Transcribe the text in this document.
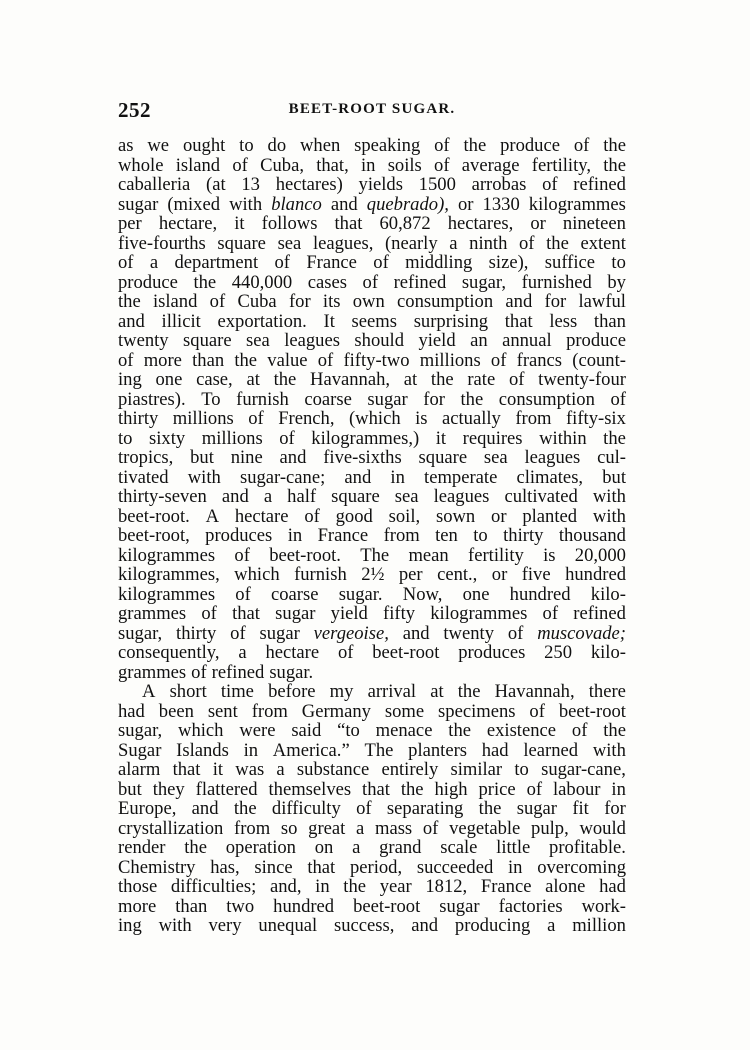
252	BEET-ROOT SUGAR.
as we ought to do when speaking of the produce of the
whole island of Cuba, that, in soils of average fertility, the
caballeria (at 13 hectares) yields 1500 arrobas of refined
sugar (mixed with blanco and quebrado), or 1330 kilogrammes
per hectare, it follows that 60,872 hectares, or nineteen
five-fourths square sea leagues, (nearly a ninth of the extent
of a department of France of middling size), suffice to
produce the 440,000 cases of refined sugar, furnished by
the island of Cuba for its own consumption and for lawful
and illicit exportation. It seems surprising that less than
twenty square sea leagues should yield an annual produce
of more than the value of fifty-two millions of francs (count-
ing one case, at the Havannah, at the rate of twenty-four
piastres). To furnish coarse sugar for the consumption of
thirty millions of French, (which is actually from fifty-six
to sixty millions of kilogrammes,) it requires within the
tropics, but nine and five-sixths square sea leagues cul-
tivated with sugar-cane; and in temperate climates, but
thirty-seven and a half square sea leagues cultivated with
beet-root. A hectare of good soil, sown or planted with
beet-root, produces in France from ten to thirty thousand
kilogrammes of beet-root. The mean fertility is 20,000
kilogrammes, which furnish 2½ per cent., or five hundred
kilogrammes of coarse sugar. Now, one hundred kilo-
grammes of that sugar yield fifty kilogrammes of refined
sugar, thirty of sugar vergeoise, and twenty of muscovade;
consequently, a hectare of beet-root produces 250 kilo-
grammes of refined sugar.
A short time before my arrival at the Havannah, there
had been sent from Germany some specimens of beet-root
sugar, which were said “to menace the existence of the
Sugar Islands in America.” The planters had learned with
alarm that it was a substance entirely similar to sugar-cane,
but they flattered themselves that the high price of labour in
Europe, and the difficulty of separating the sugar fit for
crystallization from so great a mass of vegetable pulp, would
render the operation on a grand scale little profitable.
Chemistry has, since that period, succeeded in overcoming
those difficulties; and, in the year 1812, France alone had
more than two hundred beet-root sugar factories work-
ing with very unequal success, and producing a million
